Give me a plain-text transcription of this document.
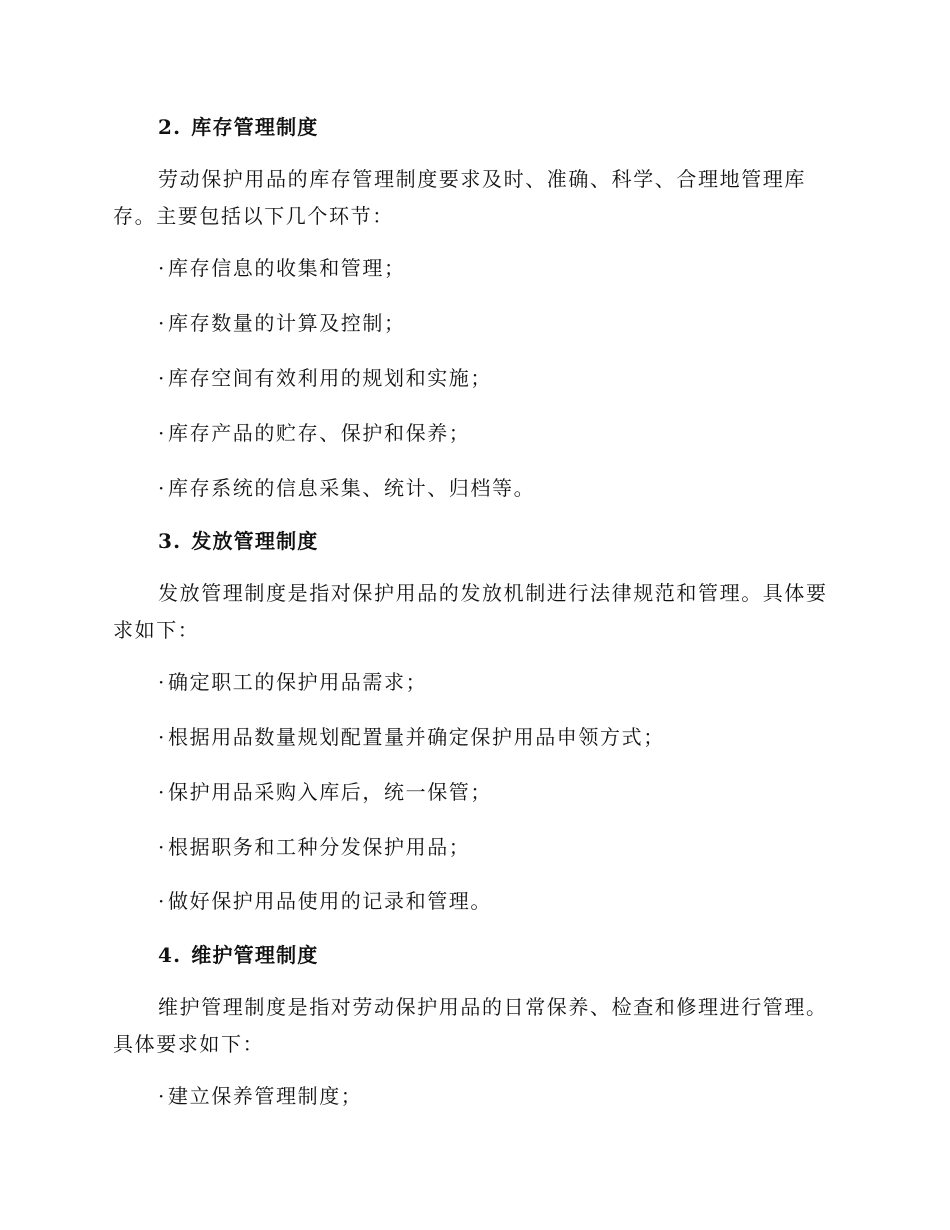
2. 库存管理制度

劳动保护用品的库存管理制度要求及时、准确、科学、合理地管理库

存。主要包括以下几个环节：

· 库存信息的收集和管理；
· 库存数量的计算及控制；
· 库存空间有效利用的规划和实施；
· 库存产品的贮存、保护和保养；
· 库存系统的信息采集、统计、归档等。
3. 发放管理制度

发放管理制度是指对保护用品的发放机制进行法律规范和管理。具体要

求如下：

· 确定职工的保护用品需求；
· 根据用品数量规划配置量并确定保护用品申领方式；
· 保护用品采购入库后，统一保管；
· 根据职务和工种分发保护用品；
· 做好保护用品使用的记录和管理。
4. 维护管理制度

维护管理制度是指对劳动保护用品的日常保养、检查和修理进行管理。

具体要求如下：

· 建立保养管理制度；
